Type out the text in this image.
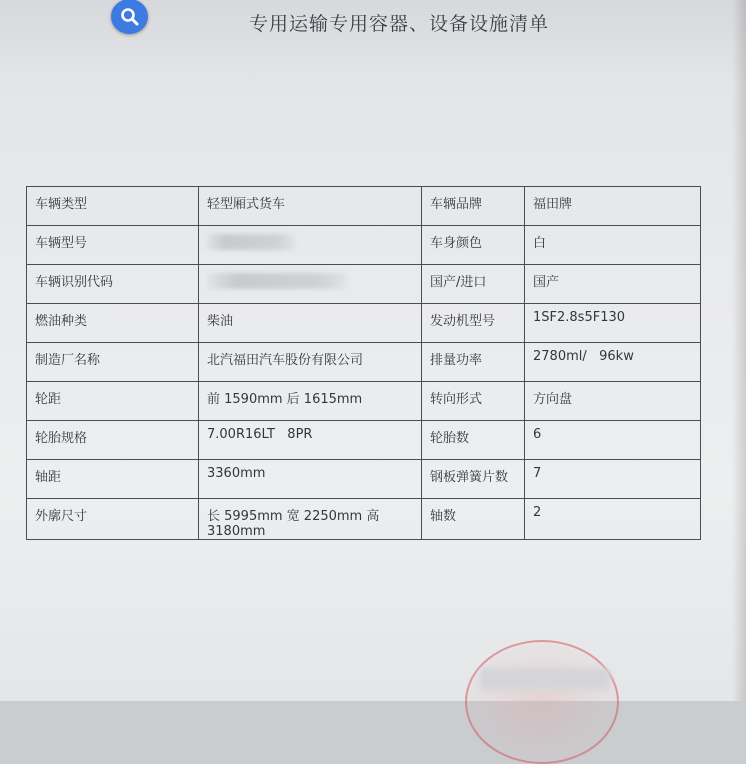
专用运输专用容器、设备设施清单
车辆类型	轻型厢式货车	车辆品牌	福田牌
车辆型号		车身颜色	白
车辆识别代码		国产/进口	国产
燃油种类	柴油	发动机型号	1SF2.8s5F130
制造厂名称	北汽福田汽车股份有限公司	排量功率	2780ml/   96kw
轮距	前 1590mm 后 1615mm	转向形式	方向盘
轮胎规格	7.00R16LT   8PR	轮胎数	6
轴距	3360mm	钢板弹簧片数	7
外廓尺寸	长 5995mm 宽 2250mm 高 3180mm	轴数	2
